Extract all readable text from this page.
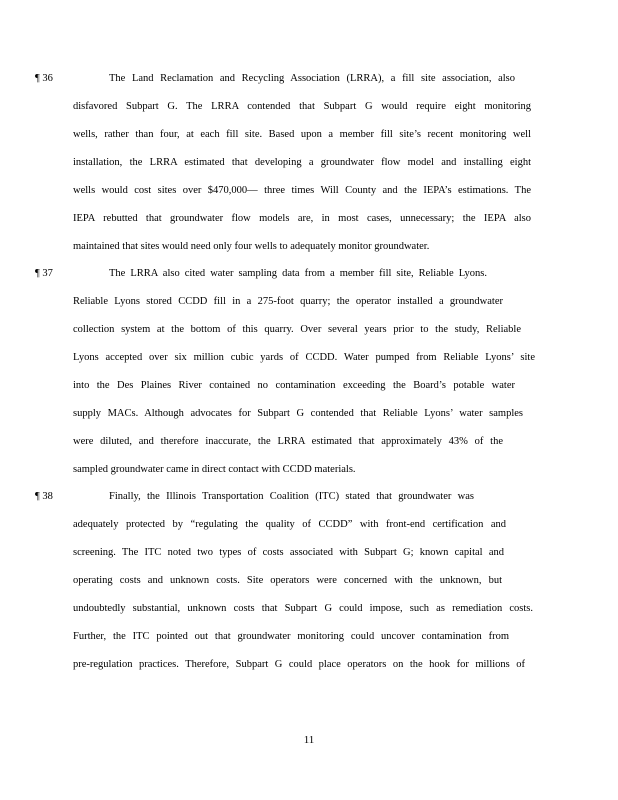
¶ 36	The Land Reclamation and Recycling Association (LRRA), a fill site association, also
disfavored Subpart G. The LRRA contended that Subpart G would require eight monitoring
wells, rather than four, at each fill site. Based upon a member fill site’s recent monitoring well
installation, the LRRA estimated that developing a groundwater flow model and installing eight
wells would cost sites over $470,000— three times Will County and the IEPA’s estimations. The
IEPA rebutted that groundwater flow models are, in most cases, unnecessary; the IEPA also
maintained that sites would need only four wells to adequately monitor groundwater.
¶ 37	The LRRA also cited water sampling data from a member fill site, Reliable Lyons.
Reliable Lyons stored CCDD fill in a 275-foot quarry; the operator installed a groundwater
collection system at the bottom of this quarry. Over several years prior to the study, Reliable
Lyons accepted over six million cubic yards of CCDD. Water pumped from Reliable Lyons’ site
into the Des Plaines River contained no contamination exceeding the Board’s potable water
supply MACs. Although advocates for Subpart G contended that Reliable Lyons’ water samples
were diluted, and therefore inaccurate, the LRRA estimated that approximately 43% of the
sampled groundwater came in direct contact with CCDD materials.
¶ 38	Finally, the Illinois Transportation Coalition (ITC) stated that groundwater was
adequately protected by “regulating the quality of CCDD” with front-end certification and
screening. The ITC noted two types of costs associated with Subpart G; known capital and
operating costs and unknown costs. Site operators were concerned with the unknown, but
undoubtedly substantial, unknown costs that Subpart G could impose, such as remediation costs.
Further, the ITC pointed out that groundwater monitoring could uncover contamination from
pre-regulation practices. Therefore, Subpart G could place operators on the hook for millions of
11
